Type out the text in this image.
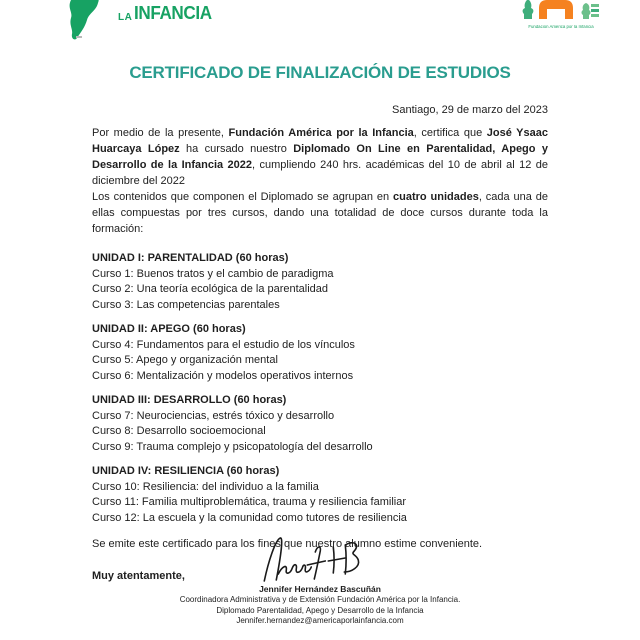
LA INFANCIA
Fundación América por la Infancia
CERTIFICADO DE FINALIZACIÓN DE ESTUDIOS
Santiago, 29 de marzo del 2023

Por medio de la presente, Fundación América por la Infancia, certifica que José Ysaac Huarcaya López ha cursado nuestro Diplomado On Line en Parentalidad, Apego y Desarrollo de la Infancia 2022, cumpliendo 240 hrs. académicas del 10 de abril al 12 de diciembre del 2022

Los contenidos que componen el Diplomado se agrupan en cuatro unidades, cada una de ellas compuestas por tres cursos, dando una totalidad de doce cursos durante toda la formación:

UNIDAD I: PARENTALIDAD (60 horas)
Curso 1: Buenos tratos y el cambio de paradigma
Curso 2: Una teoría ecológica de la parentalidad
Curso 3: Las competencias parentales
UNIDAD II: APEGO (60 horas)
Curso 4: Fundamentos para el estudio de los vínculos
Curso 5: Apego y organización mental
Curso 6: Mentalización y modelos operativos internos
UNIDAD III: DESARROLLO (60 horas)
Curso 7: Neurociencias, estrés tóxico y desarrollo
Curso 8: Desarrollo socioemocional
Curso 9: Trauma complejo y psicopatología del desarrollo
UNIDAD IV: RESILIENCIA (60 horas)
Curso 10: Resiliencia: del individuo a la familia
Curso 11: Familia multiproblemática, trauma y resiliencia familiar
Curso 12: La escuela y la comunidad como tutores de resiliencia
Se emite este certificado para los fines que nuestro alumno estime conveniente.
Muy atentamente,
Jennifer Hernández Bascuñán
Coordinadora Administrativa y de Extensión Fundación América por la Infancia.
Diplomado Parentalidad, Apego y Desarrollo de la Infancia
Jennifer.hernandez@americaporlainfancia.com
